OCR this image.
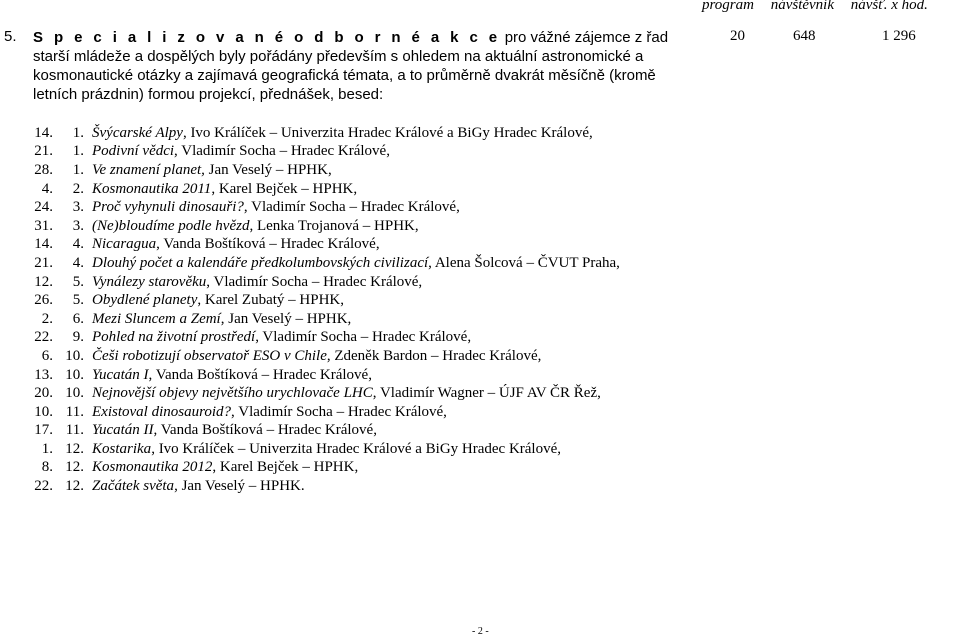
program návštěvník návšť. x hod.
5. S p e c i a l i z o v a n é o d b o r n é a k c e pro vážné zájemce z řad starší mládeže a dospělých byly pořádány především s ohledem na aktuální astronomické a kosmonautické otázky a zajímavá geografická témata, a to průměrně dvakrát měsíčně (kromě letních prázdnin) formou projekcí, přednášek, besed:
20	648	1 296
14.	1. Švýcarské Alpy, Ivo Králíček – Univerzita Hradec Králové a BiGy Hradec Králové,
21.	1. Podivní vědci, Vladimír Socha – Hradec Králové,
28.	1. Ve znamení planet, Jan Veselý – HPHK,
4.	2. Kosmonautika 2011, Karel Bejček – HPHK,
24.	3. Proč vyhynuli dinosauři?, Vladimír Socha – Hradec Králové,
31.	3. (Ne)bloudíme podle hvězd, Lenka Trojanová – HPHK,
14.	4. Nicaragua, Vanda Boštíková – Hradec Králové,
21.	4. Dlouhý počet a kalendáře předkolumbovských civilizací, Alena Šolcová – ČVUT Praha,
12.	5. Vynálezy starověku, Vladimír Socha – Hradec Králové,
26.	5. Obydlené planety, Karel Zubatý – HPHK,
2.	6. Mezi Sluncem a Zemí, Jan Veselý – HPHK,
22.	9. Pohled na životní prostředí, Vladimír Socha – Hradec Králové,
6. 10. Češi robotizují observatoř ESO v Chile, Zdeněk Bardon – Hradec Králové,
13. 10. Yucatán I, Vanda Boštíková – Hradec Králové,
20. 10. Nejnovější objevy největšího urychlovače LHC, Vladimír Wagner – ÚJF AV ČR Řež,
10. 11. Existoval dinosauroid?, Vladimír Socha – Hradec Králové,
17. 11. Yucatán II, Vanda Boštíková – Hradec Králové,
1. 12. Kostarika, Ivo Králíček – Univerzita Hradec Králové a BiGy Hradec Králové,
8. 12. Kosmonautika 2012, Karel Bejček – HPHK,
22. 12. Začátek světa, Jan Veselý – HPHK.
- 2 -
